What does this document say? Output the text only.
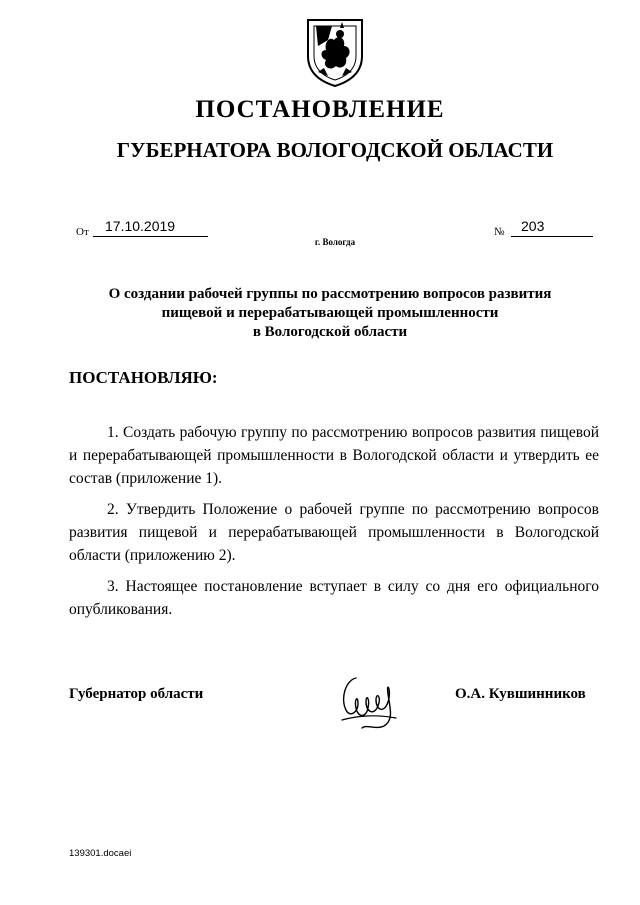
ПОСТАНОВЛЕНИЕ
ГУБЕРНАТОРА ВОЛОГОДСКОЙ ОБЛАСТИ
От	17.10.2019	№	203
г. Вологда
О создании рабочей группы по рассмотрению вопросов развития
пищевой и перерабатывающей промышленности
в Вологодской области
ПОСТАНОВЛЯЮ:

1. Создать рабочую группу по рассмотрению вопросов развития пищевой и перерабатывающей промышленности в Вологодской области и утвердить ее состав (приложение 1).

2. Утвердить Положение о рабочей группе по рассмотрению вопросов развития пищевой и перерабатывающей промышленности в Вологодской области (приложению 2).

3. Настоящее постановление вступает в силу со дня его официального опубликования.

Губернатор области	О.А. Кувшинников
139301.docaei
